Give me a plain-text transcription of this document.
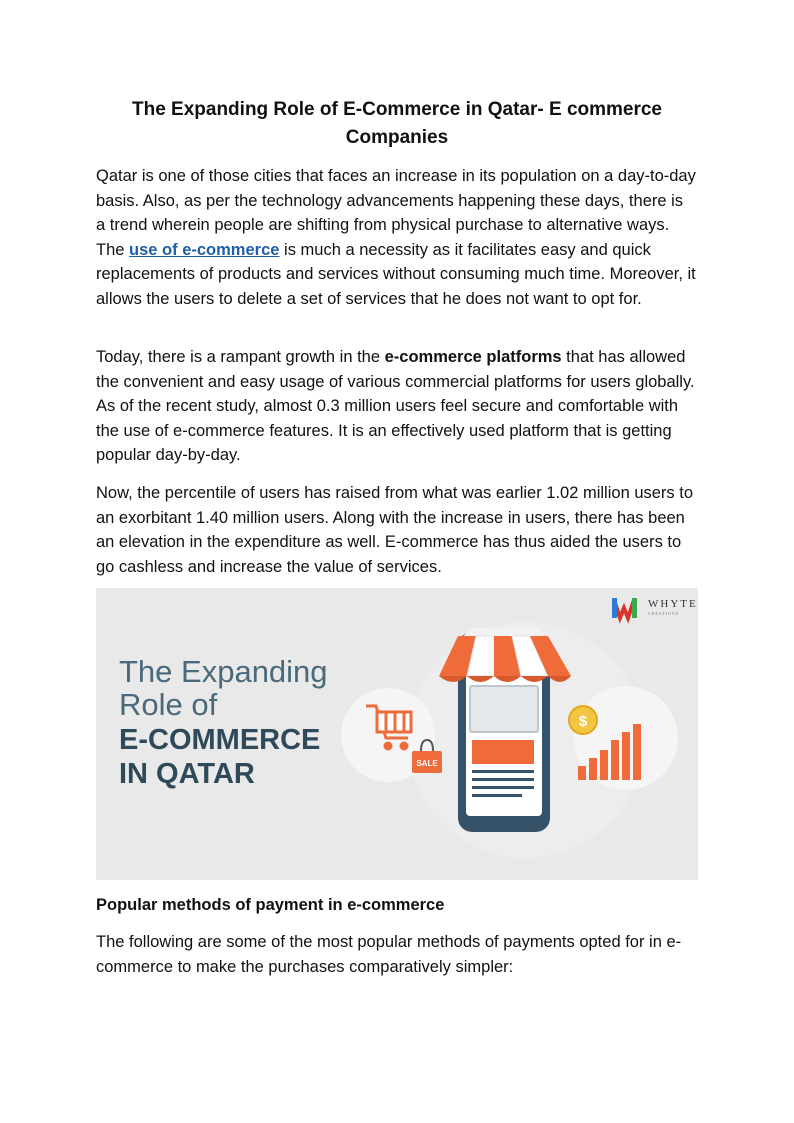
The Expanding Role of E-Commerce in Qatar- E commerce Companies

Qatar is one of those cities that faces an increase in its population on a day-to-day basis. Also, as per the technology advancements happening these days, there is a trend wherein people are shifting from physical purchase to alternative ways. The use of e-commerce is much a necessity as it facilitates easy and quick replacements of products and services without consuming much time. Moreover, it allows the users to delete a set of services that he does not want to opt for.

Today, there is a rampant growth in the e-commerce platforms that has allowed the convenient and easy usage of various commercial platforms for users globally. As of the recent study, almost 0.3 million users feel secure and comfortable with the use of e-commerce features. It is an effectively used platform that is getting popular day-by-day.

Now, the percentile of users has raised from what was earlier 1.02 million users to an exorbitant 1.40 million users. Along with the increase in users, there has been an elevation in the expenditure as well. E-commerce has thus aided the users to go cashless and increase the value of services.

SALE
$
WHYTE
CREATIONS
The Expanding
Role of
E-COMMERCE
IN QATAR
Popular methods of payment in e-commerce

The following are some of the most popular methods of payments opted for in e-commerce to make the purchases comparatively simpler:
